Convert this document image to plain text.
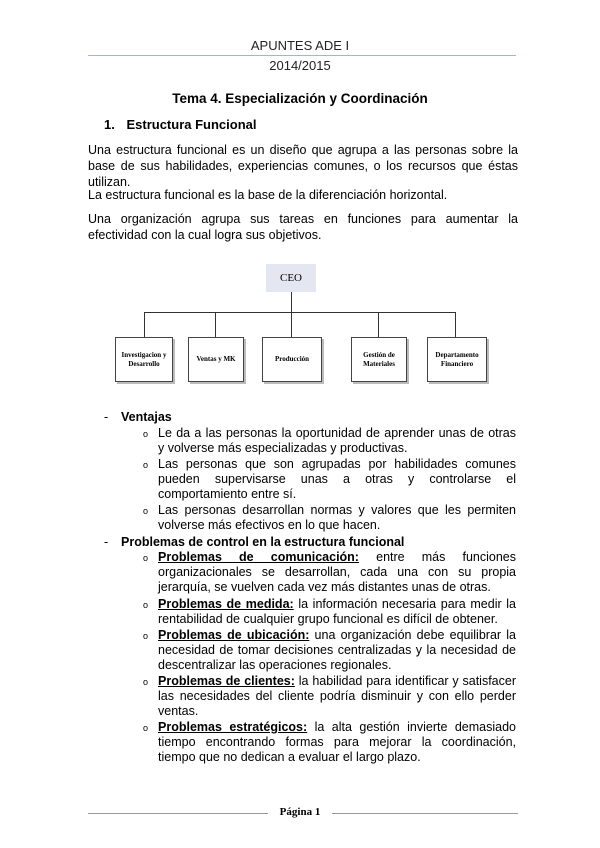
APUNTES ADE I
2014/2015
Tema 4. Especialización y Coordinación
1. Estructura Funcional
Una estructura funcional es un diseño que agrupa a las personas sobre la base de sus habilidades, experiencias comunes, o los recursos que éstas utilizan.
La estructura funcional es la base de la diferenciación horizontal.
Una organización agrupa sus tareas en funciones para aumentar la efectividad con la cual logra sus objetivos.
CEO
Investigacion y Desarrollo
Ventas y MK	Producción
Gestión de Materiales
Departamento Financiero
- Ventajas
o Le da a las personas la oportunidad de aprender unas de otras y volverse más especializadas y productivas.
o Las personas que son agrupadas por habilidades comunes pueden supervisarse unas a otras y controlarse el comportamiento entre sí.
o Las personas desarrollan normas y valores que les permiten volverse más efectivos en lo que hacen.
- Problemas de control en la estructura funcional
o Problemas de comunicación: entre más funciones organizacionales se desarrollan, cada una con su propia jerarquía, se vuelven cada vez más distantes unas de otras.
o Problemas de medida: la información necesaria para medir la rentabilidad de cualquier grupo funcional es difícil de obtener.
o Problemas de ubicación: una organización debe equilibrar la necesidad de tomar decisiones centralizadas y la necesidad de descentralizar las operaciones regionales.
o Problemas de clientes: la habilidad para identificar y satisfacer las necesidades del cliente podría disminuir y con ello perder ventas.
o Problemas estratégicos: la alta gestión invierte demasiado tiempo encontrando formas para mejorar la coordinación, tiempo que no dedican a evaluar el largo plazo.
Página 1
